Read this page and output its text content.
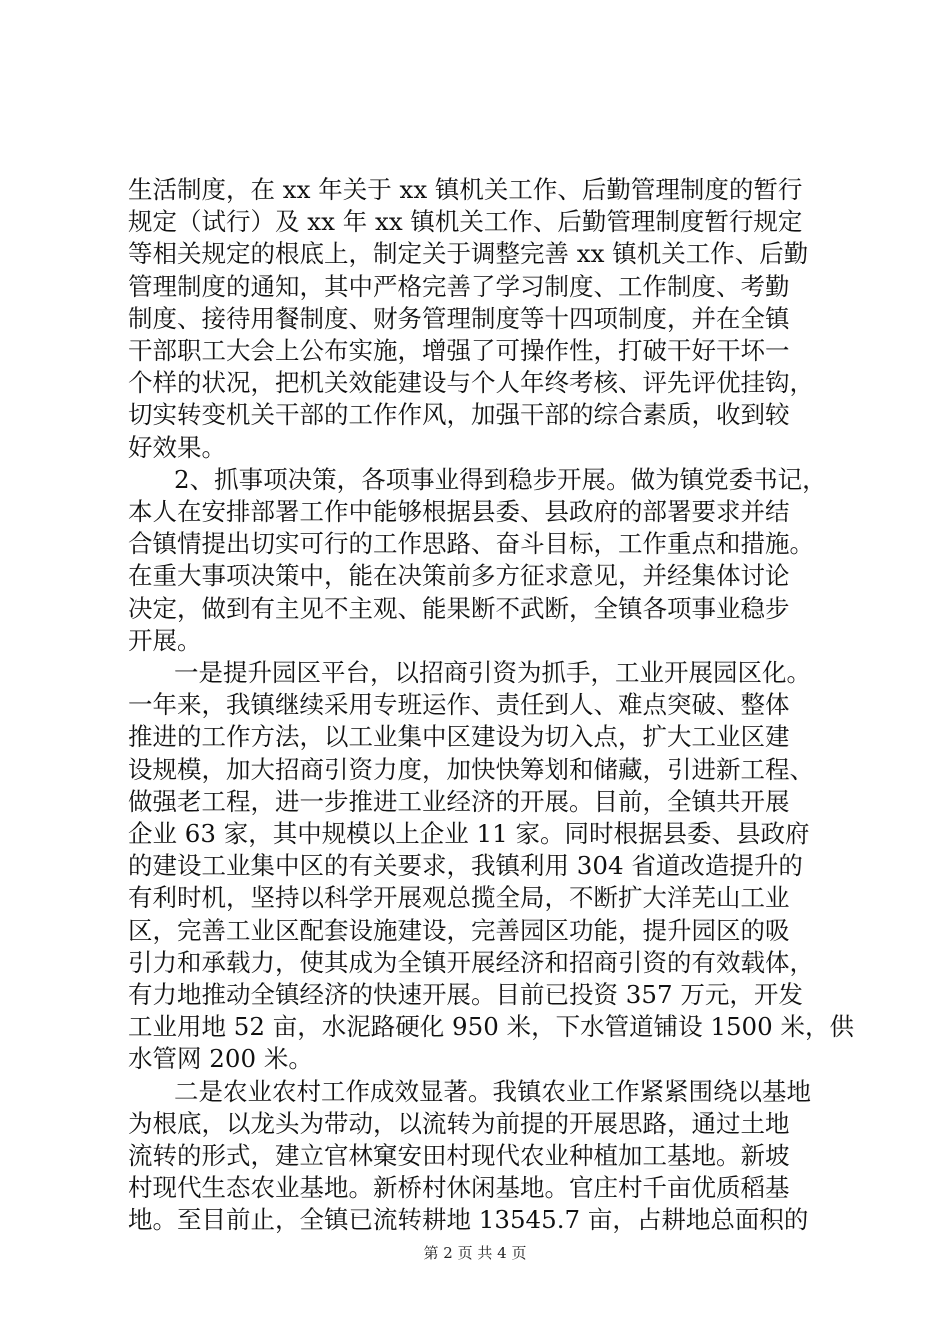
生活制度，在 xx 年关于 xx 镇机关工作、后勤管理制度的暂行
规定（试行）及 xx 年 xx 镇机关工作、后勤管理制度暂行规定
等相关规定的根底上，制定关于调整完善 xx 镇机关工作、后勤
管理制度的通知，其中严格完善了学习制度、工作制度、考勤
制度、接待用餐制度、财务管理制度等十四项制度，并在全镇
干部职工大会上公布实施，增强了可操作性，打破干好干坏一
个样的状况，把机关效能建设与个人年终考核、评先评优挂钩，
切实转变机关干部的工作作风，加强干部的综合素质，收到较
好效果。
2、抓事项决策，各项事业得到稳步开展。做为镇党委书记，
本人在安排部署工作中能够根据县委、县政府的部署要求并结
合镇情提出切实可行的工作思路、奋斗目标，工作重点和措施。
在重大事项决策中，能在决策前多方征求意见，并经集体讨论
决定，做到有主见不主观、能果断不武断，全镇各项事业稳步
开展。
一是提升园区平台，以招商引资为抓手，工业开展园区化。
一年来，我镇继续采用专班运作、责任到人、难点突破、整体
推进的工作方法，以工业集中区建设为切入点，扩大工业区建
设规模，加大招商引资力度，加快快筹划和储藏，引进新工程、
做强老工程，进一步推进工业经济的开展。目前，全镇共开展
企业 63 家，其中规模以上企业 11 家。同时根据县委、县政府
的建设工业集中区的有关要求，我镇利用 304 省道改造提升的
有利时机，坚持以科学开展观总揽全局，不断扩大洋芜山工业
区，完善工业区配套设施建设，完善园区功能，提升园区的吸
引力和承载力，使其成为全镇开展经济和招商引资的有效载体，
有力地推动全镇经济的快速开展。目前已投资 357 万元，开发
工业用地 52 亩，水泥路硬化 950 米，下水管道铺设 1500 米，供
水管网 200 米。
二是农业农村工作成效显著。我镇农业工作紧紧围绕以基地
为根底，以龙头为带动，以流转为前提的开展思路，通过土地
流转的形式，建立官林窠安田村现代农业种植加工基地。新坡
村现代生态农业基地。新桥村休闲基地。官庄村千亩优质稻基
地。至目前止，全镇已流转耕地 13545.7 亩，占耕地总面积的
第 2 页 共 4 页
